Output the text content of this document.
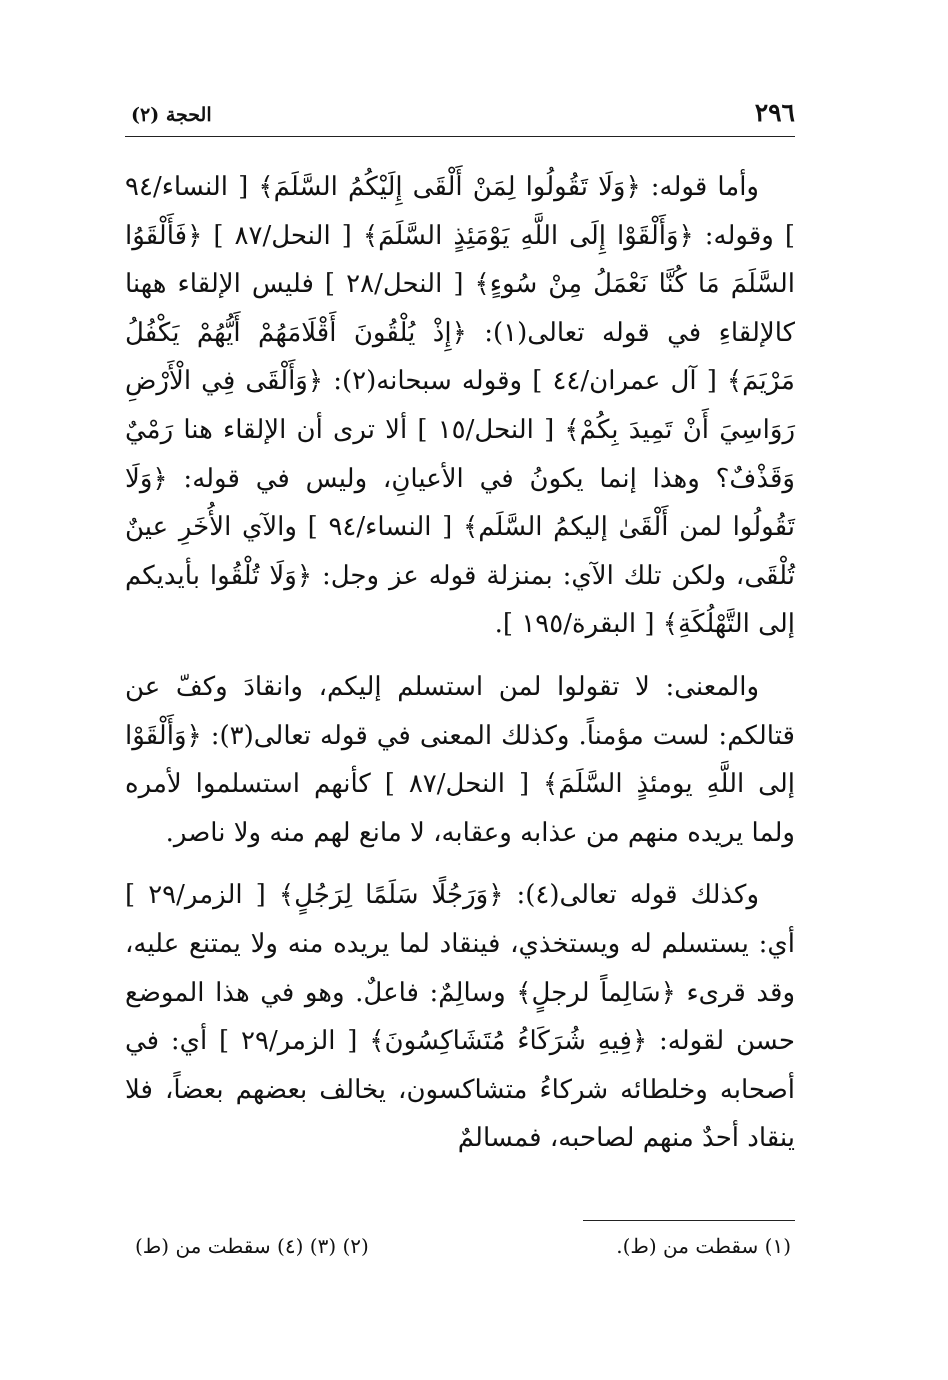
٢٩٦
الحجة (٢)

وأما قوله: ﴿وَلَا تَقُولُوا لِمَنْ أَلْقَى إِلَيْكُمُ السَّلَمَ﴾ [ النساء/٩٤ ] وقوله: ﴿وَأَلْقَوْا إِلَى اللَّهِ يَوْمَئِذٍ السَّلَمَ﴾ [ النحل/٨٧ ] ﴿فَأَلْقَوُا السَّلَمَ مَا كُنَّا نَعْمَلُ مِنْ سُوءٍ﴾ [ النحل/٢٨ ] فليس الإلقاء ههنا كالإلقاءِ في قوله تعالى(١): ﴿إِذْ يُلْقُونَ أَقْلَامَهُمْ أَيُّهُمْ يَكْفُلُ مَرْيَمَ﴾ [ آل عمران/٤٤ ] وقوله سبحانه(٢): ﴿وَأَلْقَى فِي الْأَرْضِ رَوَاسِيَ أَنْ تَمِيدَ بِكُمْ﴾ [ النحل/١٥ ] ألا ترى أن الإلقاء هنا رَمْيٌ وَقَذْفٌ؟ وهذا إنما يكونُ في الأعيانِ، وليس في قوله: ﴿وَلَا تَقُولُوا لمن أَلْقَىٰ إليكمُ السَّلَم﴾ [ النساء/٩٤ ] والآي الأُخَرِ عينٌ تُلْقَى، ولكن تلك الآي: بمنزلة قوله عز وجل: ﴿وَلَا تُلْقُوا بأيديكم إلى التَّهْلُكَةِ﴾ [ البقرة/١٩٥ ].

والمعنى: لا تقولوا لمن استسلم إليكم، وانقادَ وكفّ عن قتالكم: لست مؤمناً. وكذلك المعنى في قوله تعالى(٣): ﴿وَأَلْقَوْا إلى اللَّهِ يومئذٍ السَّلَمَ﴾ [ النحل/٨٧ ] كأنهم استسلموا لأمره ولما يريده منهم من عذابه وعقابه، لا مانع لهم منه ولا ناصر.

وكذلك قوله تعالى(٤): ﴿وَرَجُلًا سَلَمًا لِرَجُلٍ﴾ [ الزمر/٢٩ ] أي: يستسلم له ويستخذي، فينقاد لما يريده منه ولا يمتنع عليه، وقد قرىء ﴿سَالِماً لرجلٍ﴾ وسالِمٌ: فاعلٌ. وهو في هذا الموضع حسن لقوله: ﴿فِيهِ شُرَكَاءُ مُتَشَاكِسُونَ﴾ [ الزمر/٢٩ ] أي: في أصحابه وخلطائه شركاءُ متشاكسون، يخالف بعضهم بعضاً، فلا ينقاد أحدٌ منهم لصاحبه، فمسالمٌ

(١) سقطت من (ط).
(٢) (٣) (٤) سقطت من (ط)
